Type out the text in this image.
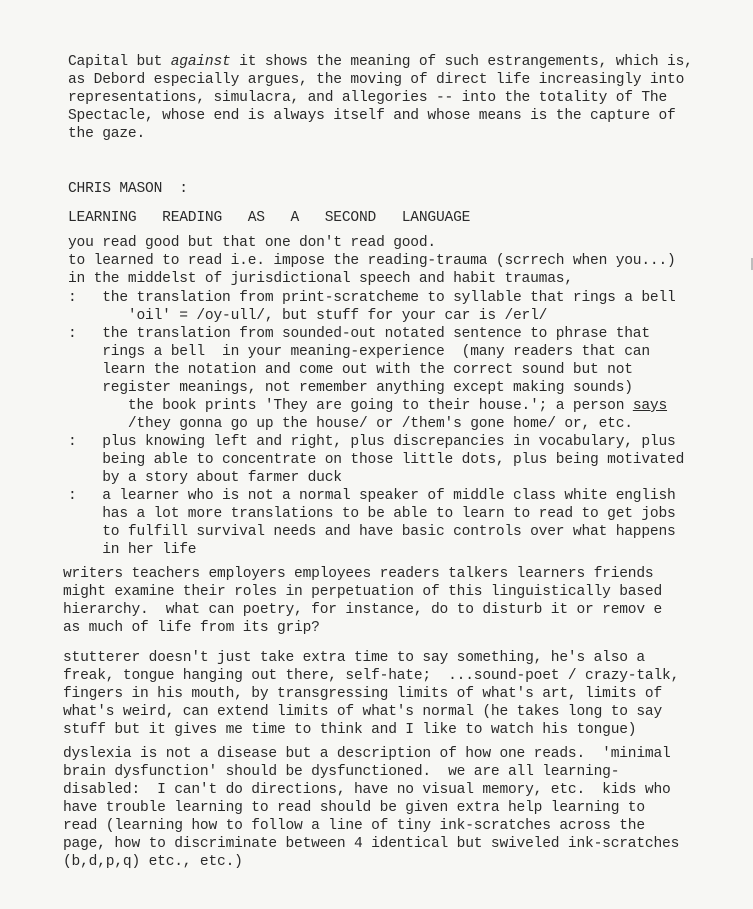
Capital but against it shows the meaning of such estrangements, which is,
as Debord especially argues, the moving of direct life increasingly into
representations, simulacra, and allegories -- into the totality of The
Spectacle, whose end is always itself and whose means is the capture of
the gaze.
CHRIS MASON  :
LEARNING   READING   AS   A   SECOND   LANGUAGE
you read good but that one don't read good.
to learned to read i.e. impose the reading-trauma (scrrech when you...)
in the middelst of jurisdictional speech and habit traumas,
:   the translation from print-scratcheme to syllable that rings a bell
'oil' = /oy-ull/, but stuff for your car is /erl/
:   the translation from sounded-out notated sentence to phrase that
rings a bell  in your meaning-experience  (many readers that can
learn the notation and come out with the correct sound but not
register meanings, not remember anything except making sounds)
the book prints 'They are going to their house.'; a person says
/they gonna go up the house/ or /them's gone home/ or, etc.
:   plus knowing left and right, plus discrepancies in vocabulary, plus
being able to concentrate on those little dots, plus being motivated
by a story about farmer duck
:   a learner who is not a normal speaker of middle class white english
has a lot more translations to be able to learn to read to get jobs
to fulfill survival needs and have basic controls over what happens
in her life
writers teachers employers employees readers talkers learners friends
might examine their roles in perpetuation of this linguistically based
hierarchy.  what can poetry, for instance, do to disturb it or remov e
as much of life from its grip?
stutterer doesn't just take extra time to say something, he's also a
freak, tongue hanging out there, self-hate;  ...sound-poet / crazy-talk,
fingers in his mouth, by transgressing limits of what's art, limits of
what's weird, can extend limits of what's normal (he takes long to say
stuff but it gives me time to think and I like to watch his tongue)
dyslexia is not a disease but a description of how one reads.  'minimal
brain dysfunction' should be dysfunctioned.  we are all learning-
disabled:  I can't do directions, have no visual memory, etc.  kids who
have trouble learning to read should be given extra help learning to
read (learning how to follow a line of tiny ink-scratches across the
page, how to discriminate between 4 identical but swiveled ink-scratches
(b,d,p,q) etc., etc.)
